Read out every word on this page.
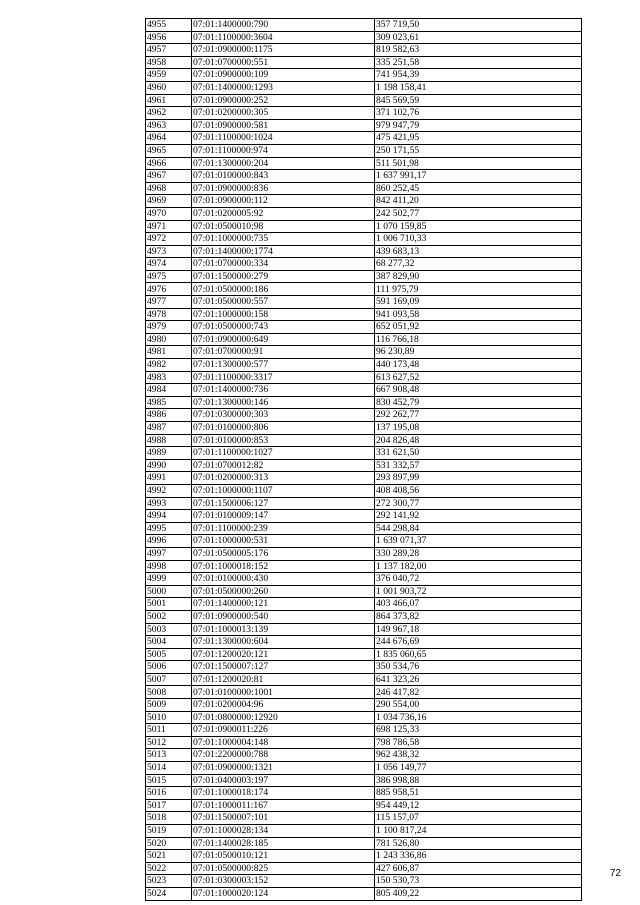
4955	07:01:1400000:790	357 719,50
4956	07:01:1100000:3604	309 023,61
4957	07:01:0900000:1175	819 582,63
4958	07:01:0700000:551	335 251,58
4959	07:01:0900000:109	741 954,39
4960	07:01:1400000:1293	1 198 158,41
4961	07:01:0900000:252	845 569,59
4962	07:01:0200000:305	371 102,76
4963	07:01:0900000:581	979 947,79
4964	07:01:1100000:1024	475 421,95
4965	07:01:1100000:974	250 171,55
4966	07:01:1300000:204	511 501,98
4967	07:01:0100000:843	1 637 991,17
4968	07:01:0900000:836	860 252,45
4969	07:01:0900000:112	842 411,20
4970	07:01:0200005:92	242 502,77
4971	07:01:0500010:98	1 070 159,85
4972	07:01:1000000:735	1 006 710,33
4973	07:01:1400000:1774	439 683,13
4974	07:01:0700000:334	68 277,32
4975	07:01:1500000:279	387 829,90
4976	07:01:0500000:186	111 975,79
4977	07:01:0500000:557	591 169,09
4978	07:01:1000000:158	941 093,58
4979	07:01:0500000:743	652 051,92
4980	07:01:0900000:649	116 766,18
4981	07:01:0700000:91	96 230,89
4982	07:01:1300000:577	440 173,48
4983	07:01:1100000:3317	613 627,52
4984	07:01:1400000:736	667 908,48
4985	07:01:1300000:146	830 452,79
4986	07:01:0300000:303	292 262,77
4987	07:01:0100000:806	137 195,08
4988	07:01:0100000:853	204 826,48
4989	07:01:1100000:1027	331 621,50
4990	07:01:0700012:82	531 332,57
4991	07:01:0200000:313	293 897,99
4992	07:01:1000000:1107	408 408,56
4993	07:01:1500006:127	272 300,77
4994	07:01:0100009:147	292 141,92
4995	07:01:1100000:239	544 298,84
4996	07:01:1000000:531	1 639 071,37
4997	07:01:0500005:176	330 289,28
4998	07:01:1000018:152	1 137 182,00
4999	07:01:0100000:430	376 040,72
5000	07:01:0500000:260	1 001 903,72
5001	07:01:1400000:121	403 466,07
5002	07:01:0900000:540	864 373,82
5003	07:01:1000013:139	149 967,18
5004	07:01:1300000:604	244 676,69
5005	07:01:1200020:121	1 835 060,65
5006	07:01:1500007:127	350 534,76
5007	07:01:1200020:81	641 323,26
5008	07:01:0100000:1001	246 417,82
5009	07:01:0200004:96	290 554,00
5010	07:01:0800000:12920	1 034 736,16
5011	07:01:0900011:226	698 125,33
5012	07:01:1000004:148	798 786,58
5013	07:01:2200000:788	962 438,32
5014	07:01:0900000:1321	1 056 149,77
5015	07:01:0400003:197	386 998,88
5016	07:01:1000018:174	885 958,51
5017	07:01:1000011:167	954 449,12
5018	07:01:1500007:101	115 157,07
5019	07:01:1000028:134	1 100 817,24
5020	07:01:1400028:185	781 526,80
5021	07:01:0500010:121	1 243 336,86
5022	07:01:0500000:825	427 606,87
5023	07:01:0300003:152	150 530,73
5024	07:01:1000020:124	805 409,22
72
